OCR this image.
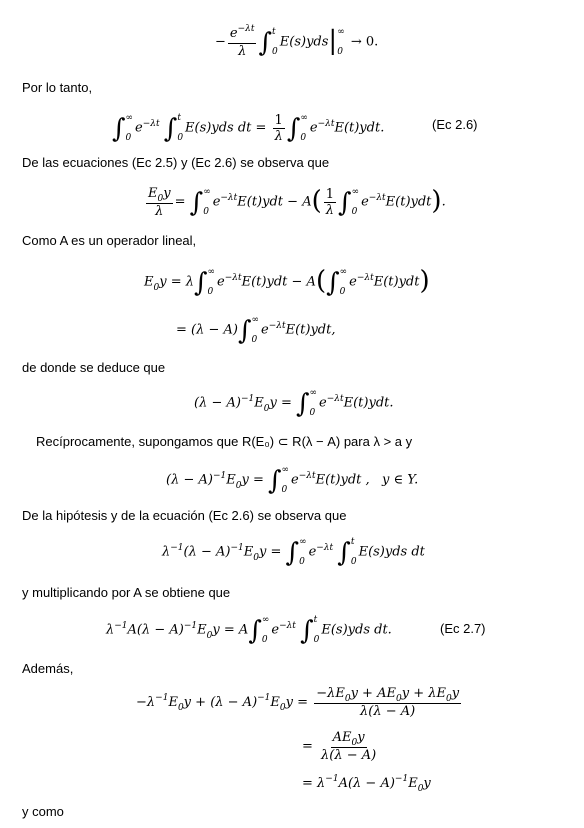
− $\frac{e^{-\lambda t}}{\lambda}$ ∫ t
0
E(s)yds| ∞
0
→ 0.
Por lo tanto,
∫ ∞
0
$e^{-\lambda t}$ ∫ t
0
E(s)yds dt = $\frac{1}{\lambda}$ ∫ ∞
0
$e^{-\lambda t}E(t)ydt$.	(Ec 2.6)
De las ecuaciones (Ec 2.5) y (Ec 2.6) se observa que
$\frac{E_0y}{\lambda}$ = ∫ ∞
0
$e^{-\lambda t}E(t)ydt - A( \frac{1}{\lambda}$ ∫ ∞
0
$e^{-\lambda t}E(t)ydt$).
Como A es un operador lineal,
$E_0y = \lambda\int$ ∞
0
$e^{-\lambda t}E(t)ydt - A(\int$ ∞
0
$e^{-\lambda t}E(t)ydt$)
= (λ − A)∫ ∞
0
$e^{-\lambda t}E(t)ydt$,
de donde se deduce que
$(\lambda - A)^{-1}E_0y$ = ∫ ∞
0
$e^{-\lambda t}E(t)ydt$.
Recíprocamente, supongamos que R(E₀) ⊂ R(λ − A) para λ > a y
$(\lambda - A)^{-1}E_0y$ = ∫ ∞
0
$e^{-\lambda t}E(t)ydt$ ,   y ∈ Y.
De la hipótesis y de la ecuación (Ec 2.6) se observa que
$\lambda^{-1}(\lambda - A)^{-1}E_0y$ = ∫ ∞
0
$e^{-\lambda t}$ ∫ t
0
E(s)yds dt
y multiplicando por A se obtiene que
$\lambda^{-1}A(\lambda - A)^{-1}E_0y = A\int$ ∞
0
$e^{-\lambda t}$ ∫ t
0
E(s)yds dt.	(Ec 2.7)
Además,
$-\lambda^{-1}E_0y + (\lambda - A)^{-1}E_0y = \frac{-\lambda E_0y + AE_0y + \lambda E_0y}{\lambda(\lambda - A)}$
= $\frac{AE_0y}{\lambda(\lambda - A)}$
= $\lambda^{-1}A(\lambda - A)^{-1}E_0y$
y como
